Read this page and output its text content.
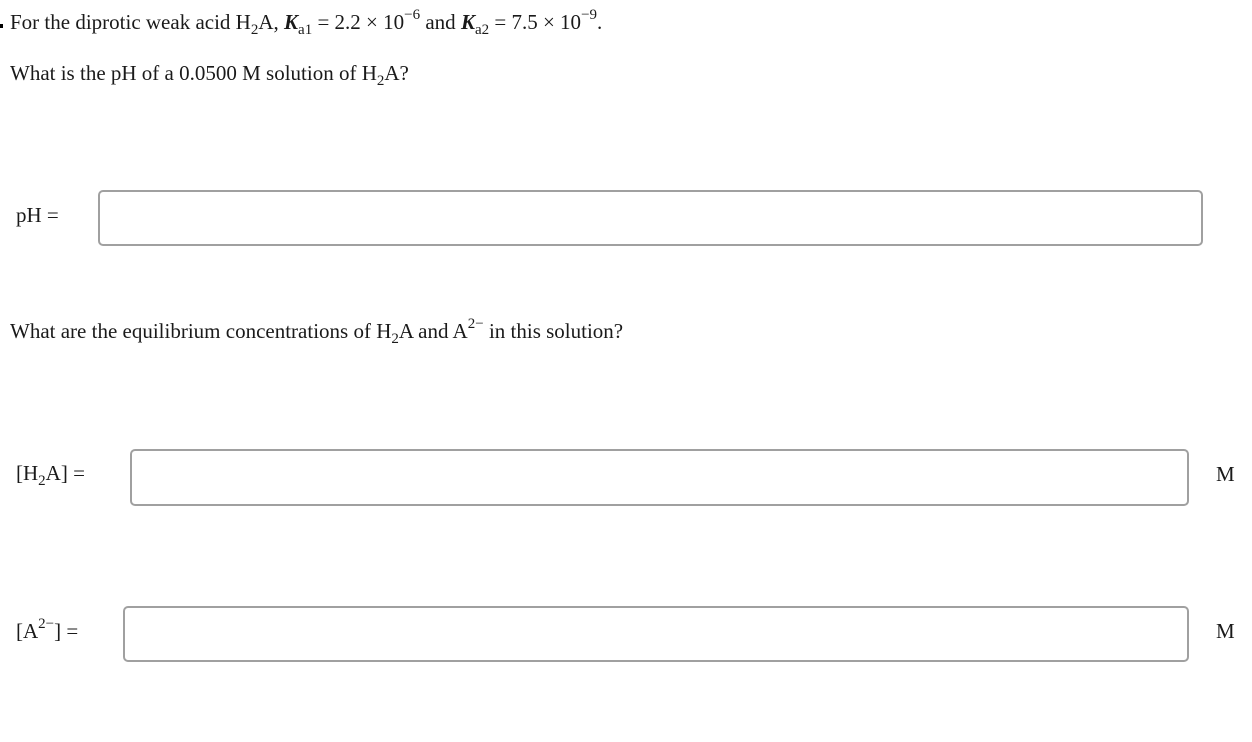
For the diprotic weak acid $H_2A$, $K_{a1} = 2.2 \times 10^{-6}$ and $K_{a2} = 7.5 \times 10^{-9}$.
What is the pH of a 0.0500 M solution of $H_2A$?
pH =
What are the equilibrium concentrations of $H_2A$ and $A^{2-}$ in this solution?
$[H_2A]$ =	M
$[A^{2-}]$ =	M
